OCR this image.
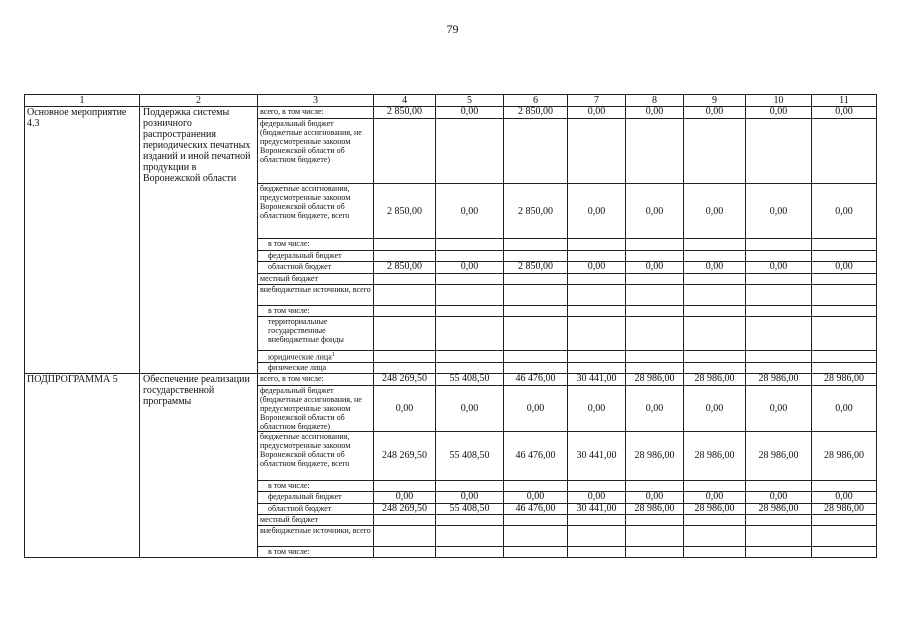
79
1	2	3	4	5	6	7	8	9	10	11
Основное мероприятие 4.3	Поддержка системы розничного распространения периодических печатных изданий и иной печатной продукции в Воронежской области	всего, в том числе:	2 850,00	0,00	2 850,00	0,00	0,00	0,00	0,00	0,00
		федеральный бюджет (бюджетные ассигнования, не предусмотренные законом Воронежской области об областном бюджете)								
		бюджетные ассигнования, предусмотренные законом Воронежской области об областном бюджете, всего	2 850,00	0,00	2 850,00	0,00	0,00	0,00	0,00	0,00
		в том числе:								
		федеральный бюджет								
		областной бюджет	2 850,00	0,00	2 850,00	0,00	0,00	0,00	0,00	0,00
		местный бюджет								
		внебюджетные источники, всего								
		в том числе:								
		территориальные государственные внебюджетные фонды								
		юридические лица$^1$								
		физические лица								
ПОДПРОГРАММА 5	Обеспечение реализации государственной программы	всего, в том числе:	248 269,50	55 408,50	46 476,00	30 441,00	28 986,00	28 986,00	28 986,00	28 986,00
		федеральный бюджет (бюджетные ассигнования, не предусмотренные законом Воронежской области об областном бюджете)	0,00	0,00	0,00	0,00	0,00	0,00	0,00	0,00
		бюджетные ассигнования, предусмотренные законом Воронежской области об областном бюджете, всего	248 269,50	55 408,50	46 476,00	30 441,00	28 986,00	28 986,00	28 986,00	28 986,00
		в том числе:								
		федеральный бюджет	0,00	0,00	0,00	0,00	0,00	0,00	0,00	0,00
		областной бюджет	248 269,50	55 408,50	46 476,00	30 441,00	28 986,00	28 986,00	28 986,00	28 986,00
		местный бюджет								
		внебюджетные источники, всего								
		в том числе:								
